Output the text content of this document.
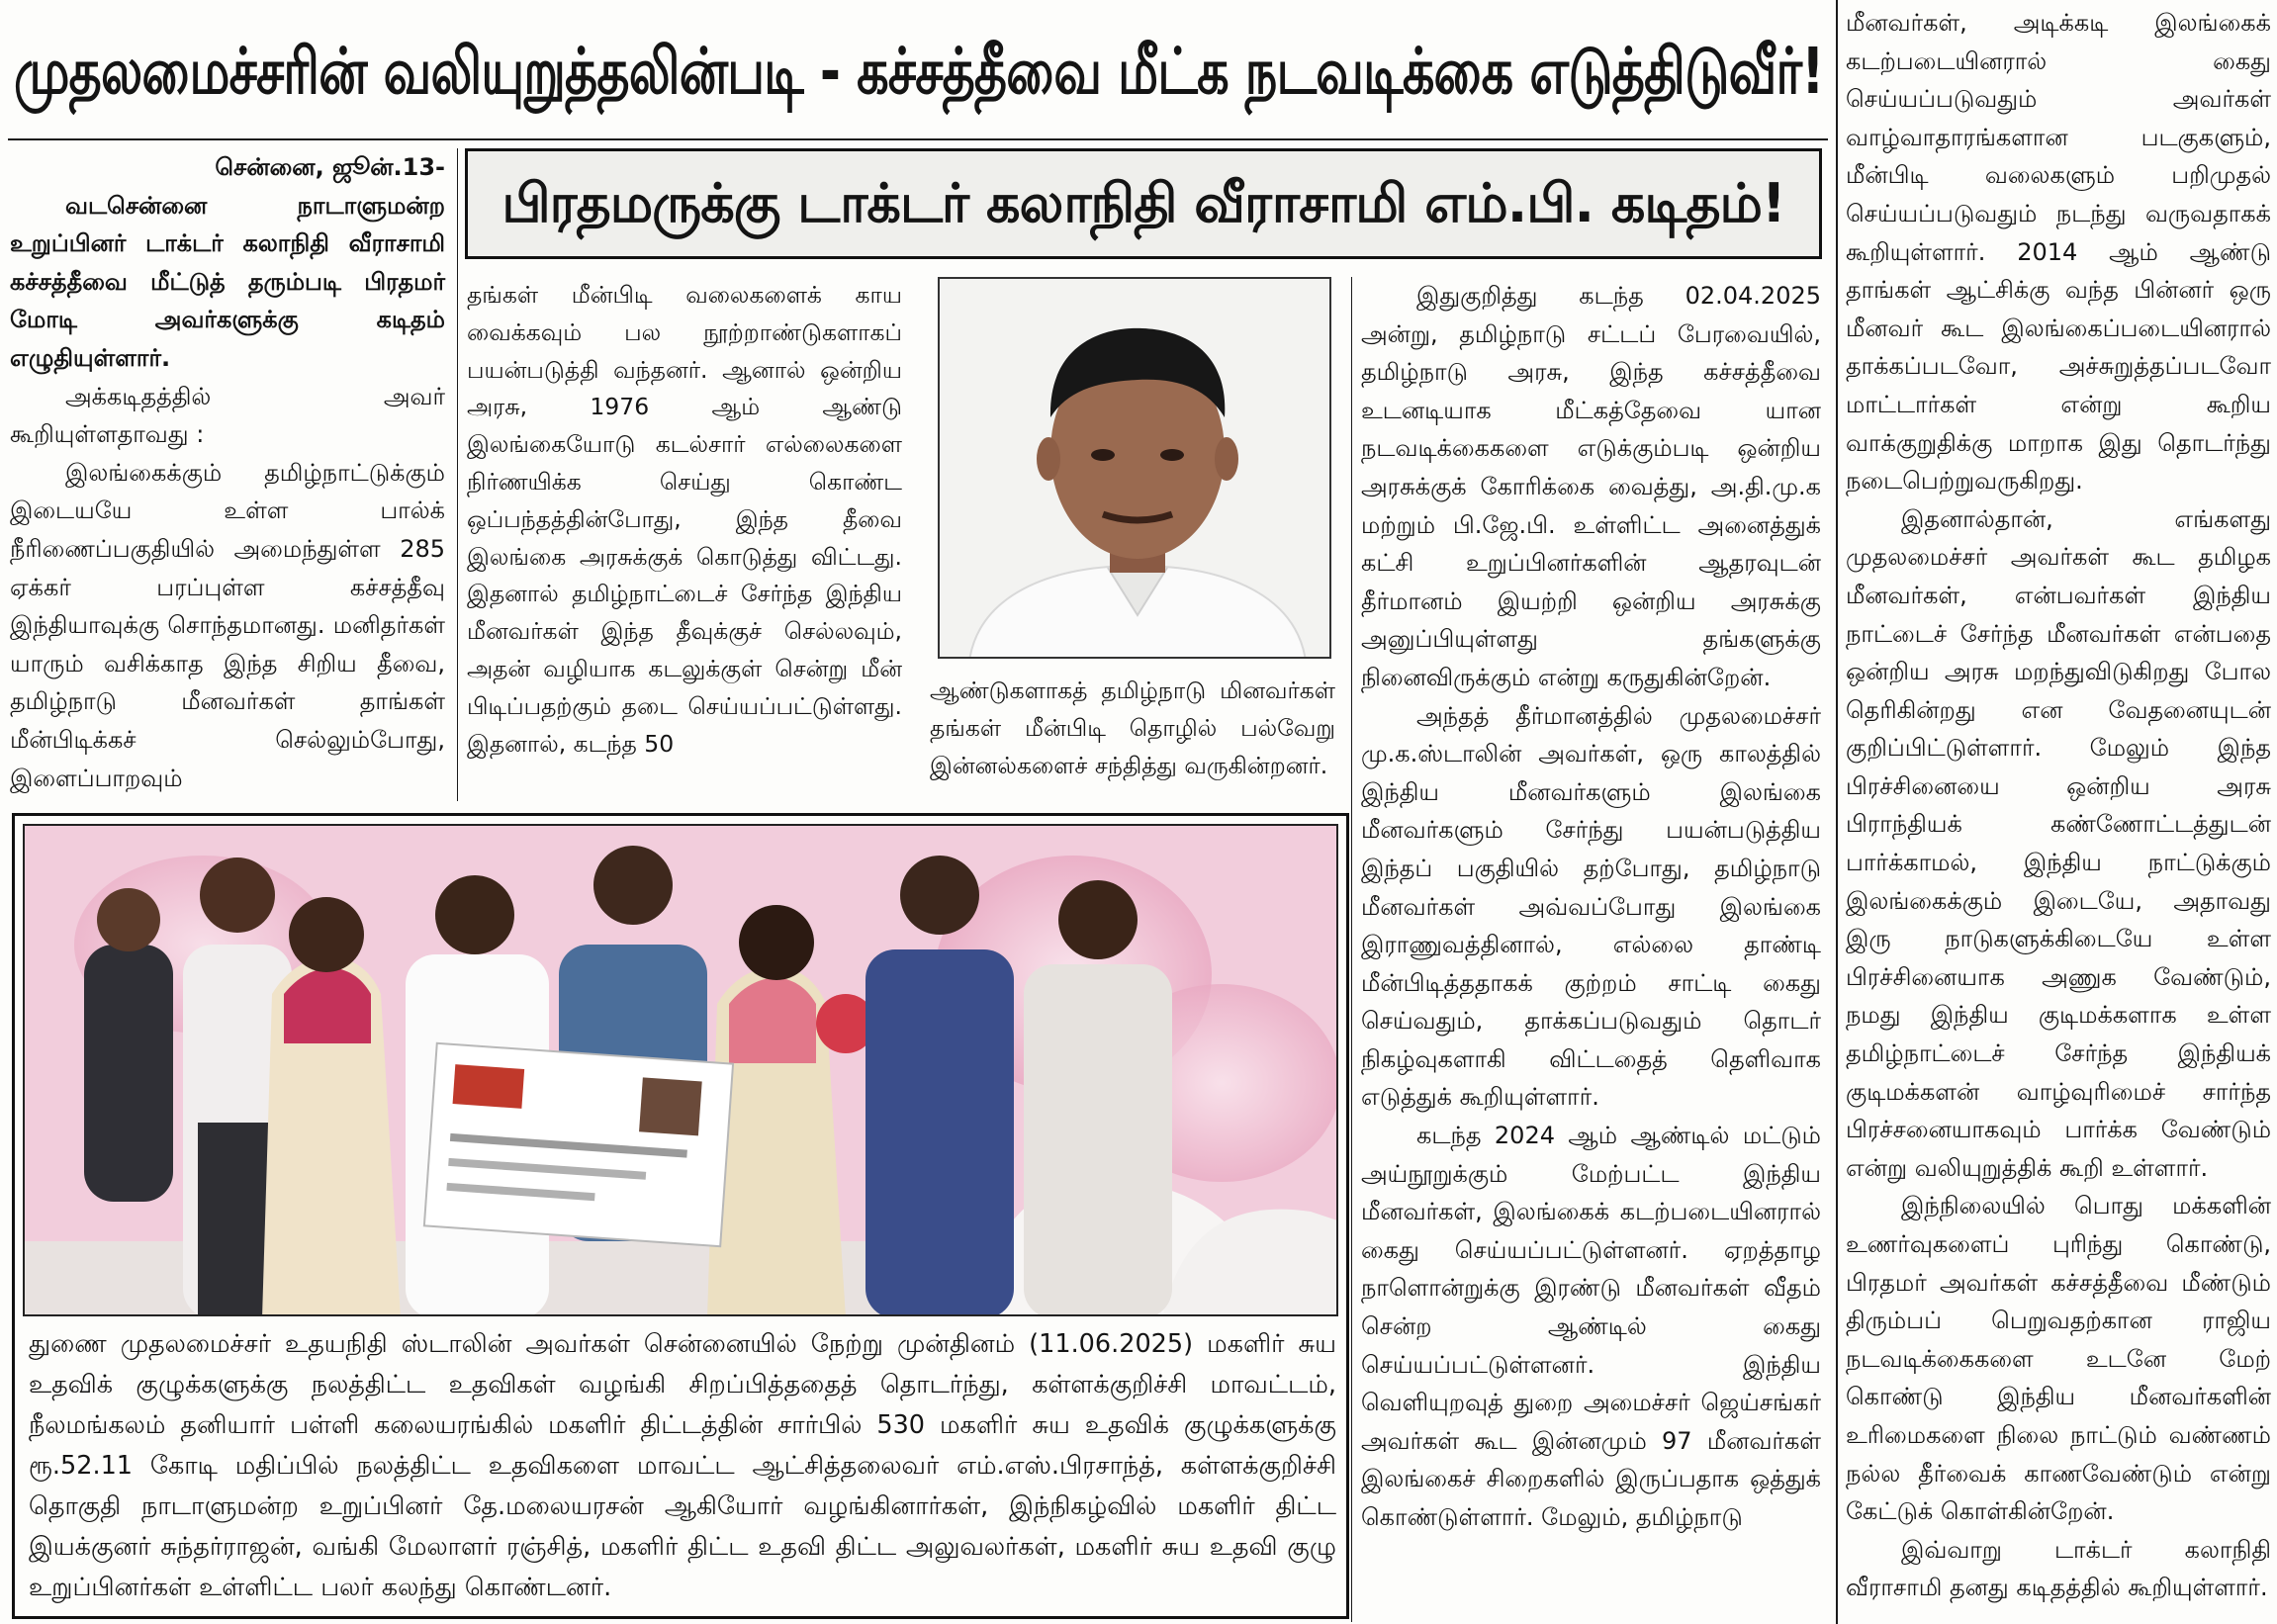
முதலமைச்சரின் வலியுறுத்தலின்படி - கச்சத்தீவை மீட்க நடவடிக்கை எடுத்திடுவீர்!
பிரதமருக்கு டாக்டர் கலாநிதி வீராசாமி எம்.பி. கடிதம்!

சென்னை, ஜூன்.13-

வடசென்னை நாடாளுமன்ற உறுப்பினர் டாக்டர் கலாநிதி வீராசாமி கச்சத்தீவை மீட்டுத் தரும்படி பிரதமர் மோடி அவர்களுக்கு கடிதம் எழுதியுள்ளார்.

அக்கடிதத்தில் அவர் கூறியுள்ளதாவது :

இலங்கைக்கும் தமிழ்நாட்டுக்கும் இடையயே உள்ள பால்க் நீரிணைப்பகுதியில் அமைந்துள்ள 285 ஏக்கர் பரப்புள்ள கச்சத்தீவு இந்தியாவுக்கு சொந்தமானது. மனிதர்கள் யாரும் வசிக்காத இந்த சிறிய தீவை, தமிழ்நாடு மீனவர்கள் தாங்கள் மீன்பிடிக்கச் செல்லும்போது, இளைப்பாறவும்

தங்கள் மீன்பிடி வலைகளைக் காய வைக்கவும் பல நூற்றாண்டுகளாகப் பயன்படுத்தி வந்தனர். ஆனால் ஒன்றிய அரசு, 1976 ஆம் ஆண்டு இலங்கையோடு கடல்சார் எல்லைகளை நிர்ணயிக்க செய்து கொண்ட ஒப்பந்தத்தின்போது, இந்த தீவை இலங்கை அரசுக்குக் கொடுத்து விட்டது. இதனால் தமிழ்நாட்டைச் சேர்ந்த இந்திய மீனவர்கள் இந்த தீவுக்குச் செல்லவும், அதன் வழியாக கடலுக்குள் சென்று மீன் பிடிப்பதற்கும் தடை செய்யப்பட்டுள்ளது. இதனால், கடந்த 50

ஆண்டுகளாகத் தமிழ்நாடு மினவர்கள் தங்கள் மீன்பிடி தொழில் பல்வேறு இன்னல்களைச் சந்தித்து வருகின்றனர்.

இதுகுறித்து கடந்த 02.04.2025 அன்று, தமிழ்நாடு சட்டப் பேரவையில், தமிழ்நாடு அரசு, இந்த கச்சத்தீவை உடனடியாக மீட்கத்தேவை யான நடவடிக்கைகளை எடுக்கும்படி ஒன்றிய அரசுக்குக் கோரிக்கை வைத்து, அ.தி.மு.க மற்றும் பி.ஜே.பி. உள்ளிட்ட அனைத்துக் கட்சி உறுப்பினர்களின் ஆதரவுடன் தீர்மானம் இயற்றி ஒன்றிய அரசுக்கு அனுப்பியுள்ளது தங்களுக்கு நினைவிருக்கும் என்று கருதுகின்றேன்.

அந்தத் தீர்மானத்தில் முதலமைச்சர் மு.க.ஸ்டாலின் அவர்கள், ஒரு காலத்தில் இந்திய மீனவர்களும் இலங்கை மீனவர்களும் சேர்ந்து பயன்படுத்திய இந்தப் பகுதியில் தற்போது, தமிழ்நாடு மீனவர்கள் அவ்வப்போது இலங்கை இராணுவத்தினால், எல்லை தாண்டி மீன்பிடித்ததாகக் குற்றம் சாட்டி கைது செய்வதும், தாக்கப்படுவதும் தொடர் நிகழ்வுகளாகி விட்டதைத் தெளிவாக எடுத்துக் கூறியுள்ளார்.

கடந்த 2024 ஆம் ஆண்டில் மட்டும் அய்நூறுக்கும் மேற்பட்ட இந்திய மீனவர்கள், இலங்கைக் கடற்படையினரால் கைது செய்யப்பட்டுள்ளனர். ஏறத்தாழ நாளொன்றுக்கு இரண்டு மீனவர்கள் வீதம் சென்ற ஆண்டில் கைது செய்யப்பட்டுள்ளனர். இந்திய வெளியுறவுத் துறை அமைச்சர் ஜெய்சங்கர் அவர்கள் கூட இன்னமும் 97 மீனவர்கள் இலங்கைச் சிறைகளில் இருப்பதாக ஒத்துக் கொண்டுள்ளார். மேலும், தமிழ்நாடு

மீனவர்கள், அடிக்கடி இலங்கைக் கடற்படையினரால் கைது செய்யப்படுவதும் அவர்கள் வாழ்வாதாரங்களான படகுகளும், மீன்பிடி வலைகளும் பறிமுதல் செய்யப்படுவதும் நடந்து வருவதாகக் கூறியுள்ளார். 2014 ஆம் ஆண்டு தாங்கள் ஆட்சிக்கு வந்த பின்னர் ஒரு மீனவர் கூட இலங்கைப்படையினரால் தாக்கப்படவோ, அச்சுறுத்தப்படவோ மாட்டார்கள் என்று கூறிய வாக்குறுதிக்கு மாறாக இது தொடர்ந்து நடைபெற்றுவருகிறது.

இதனால்தான், எங்களது முதலமைச்சர் அவர்கள் கூட தமிழக மீனவர்கள், என்பவர்கள் இந்திய நாட்டைச் சேர்ந்த மீனவர்கள் என்பதை ஒன்றிய அரசு மறந்துவிடுகிறது போல தெரிகின்றது என வேதனையுடன் குறிப்பிட்டுள்ளார். மேலும் இந்த பிரச்சினையை ஒன்றிய அரசு பிராந்தியக் கண்ணோட்டத்துடன் பார்க்காமல், இந்திய நாட்டுக்கும் இலங்கைக்கும் இடையே, அதாவது இரு நாடுகளுக்கிடையே உள்ள பிரச்சினையாக அணுக வேண்டும், நமது இந்திய குடிமக்களாக உள்ள தமிழ்நாட்டைச் சேர்ந்த இந்தியக் குடிமக்களன் வாழ்வுரிமைச் சார்ந்த பிரச்சனையாகவும் பார்க்க வேண்டும் என்று வலியுறுத்திக் கூறி உள்ளார்.

இந்நிலையில் பொது மக்களின் உணர்வுகளைப் புரிந்து கொண்டு, பிரதமர் அவர்கள் கச்சத்தீவை மீண்டும் திரும்பப் பெறுவதற்கான ராஜிய நடவடிக்கைகளை உடனே மேற் கொண்டு இந்திய மீனவர்களின் உரிமைகளை நிலை நாட்டும் வண்ணம் நல்ல தீர்வைக் காணவேண்டும் என்று கேட்டுக் கொள்கின்றேன்.

இவ்வாறு டாக்டர் கலாநிதி வீராசாமி தனது கடிதத்தில் கூறியுள்ளார்.

துணை முதலமைச்சர் உதயநிதி ஸ்டாலின் அவர்கள் சென்னையில் நேற்று முன்தினம் (11.06.2025) மகளிர் சுய உதவிக் குழுக்களுக்கு நலத்திட்ட உதவிகள் வழங்கி சிறப்பித்ததைத் தொடர்ந்து, கள்ளக்குறிச்சி மாவட்டம், நீலமங்கலம் தனியார் பள்ளி கலையரங்கில் மகளிர் திட்டத்தின் சார்பில் 530 மகளிர் சுய உதவிக் குழுக்களுக்கு ரூ.52.11 கோடி மதிப்பில் நலத்திட்ட உதவிகளை மாவட்ட ஆட்சித்தலைவர் எம்.எஸ்.பிரசாந்த், கள்ளக்குறிச்சி தொகுதி நாடாளுமன்ற உறுப்பினர் தே.மலையரசன் ஆகியோர் வழங்கினார்கள், இந்நிகழ்வில் மகளிர் திட்ட இயக்குனர் சுந்தர்ராஜன், வங்கி மேலாளர் ரஞ்சித், மகளிர் திட்ட உதவி திட்ட அலுவலர்கள், மகளிர் சுய உதவி குழு உறுப்பினர்கள் உள்ளிட்ட பலர் கலந்து கொண்டனர்.
